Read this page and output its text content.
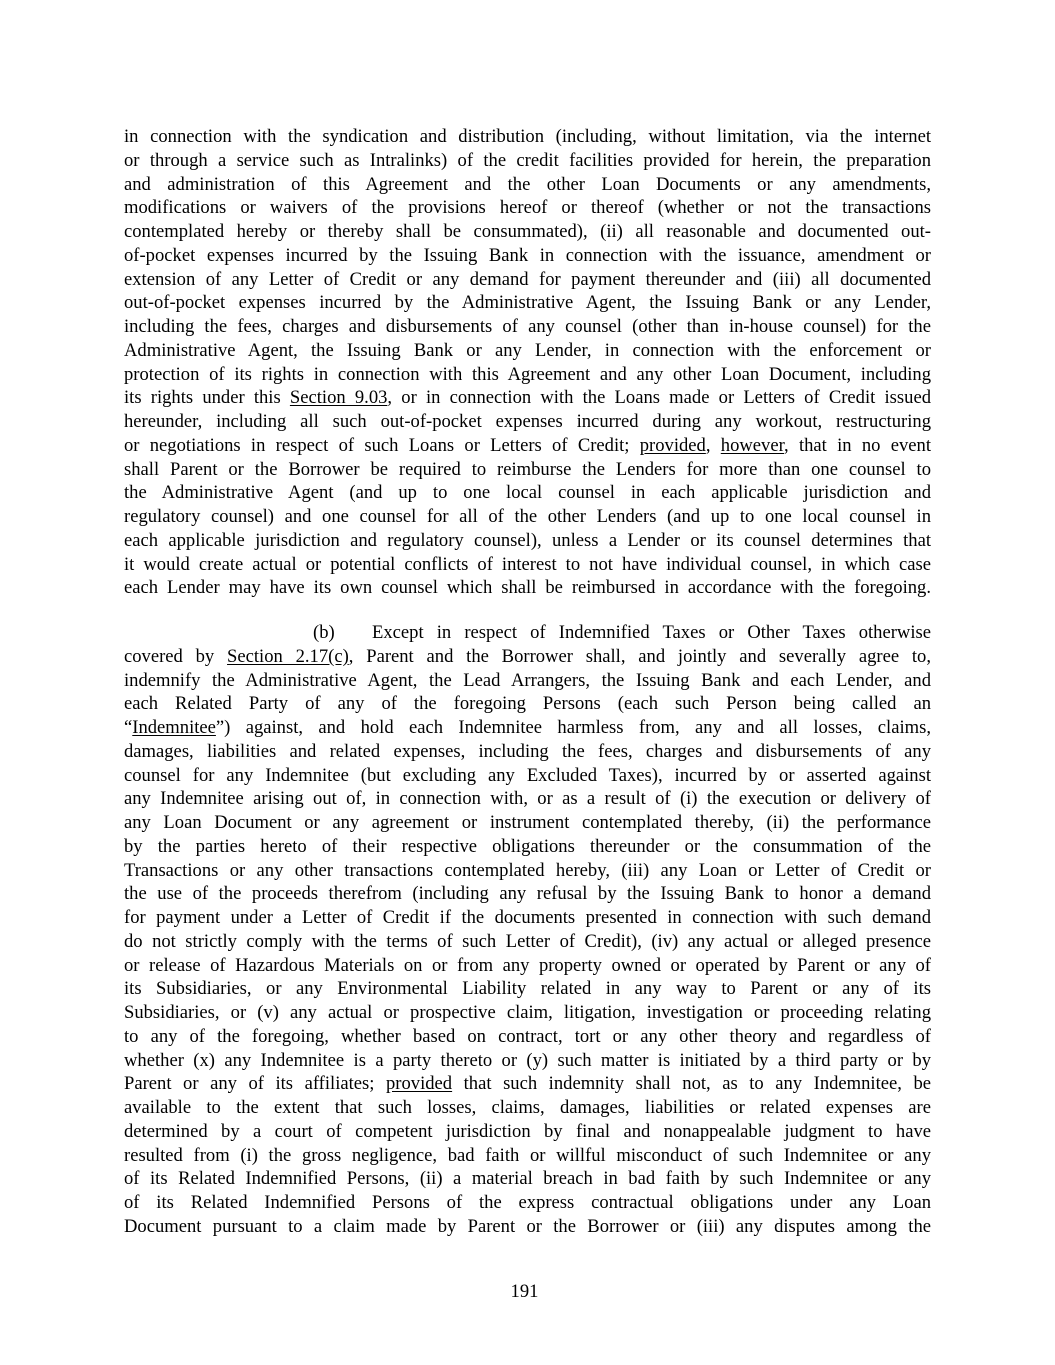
in connection with the syndication and distribution (including, without limitation, via the internet
or through a service such as Intralinks) of the credit facilities provided for herein, the preparation
and administration of this Agreement and the other Loan Documents or any amendments,
modifications or waivers of the provisions hereof or thereof (whether or not the transactions
contemplated hereby or thereby shall be consummated), (ii) all reasonable and documented out-
of-pocket expenses incurred by the Issuing Bank in connection with the issuance, amendment or
extension of any Letter of Credit or any demand for payment thereunder and (iii) all documented
out-of-pocket expenses incurred by the Administrative Agent, the Issuing Bank or any Lender,
including the fees, charges and disbursements of any counsel (other than in-house counsel) for the
Administrative Agent, the Issuing Bank or any Lender, in connection with the enforcement or
protection of its rights in connection with this Agreement and any other Loan Document, including
its rights under this Section 9.03, or in connection with the Loans made or Letters of Credit issued
hereunder, including all such out-of-pocket expenses incurred during any workout, restructuring
or negotiations in respect of such Loans or Letters of Credit; provided, however, that in no event
shall Parent or the Borrower be required to reimburse the Lenders for more than one counsel to
the Administrative Agent (and up to one local counsel in each applicable jurisdiction and
regulatory counsel) and one counsel for all of the other Lenders (and up to one local counsel in
each applicable jurisdiction and regulatory counsel), unless a Lender or its counsel determines that
it would create actual or potential conflicts of interest to not have individual counsel, in which case
each Lender may have its own counsel which shall be reimbursed in accordance with the foregoing.
(b) Except in respect of Indemnified Taxes or Other Taxes otherwise
covered by Section 2.17(c), Parent and the Borrower shall, and jointly and severally agree to,
indemnify the Administrative Agent, the Lead Arrangers, the Issuing Bank and each Lender, and
each Related Party of any of the foregoing Persons (each such Person being called an
“Indemnitee”) against, and hold each Indemnitee harmless from, any and all losses, claims,
damages, liabilities and related expenses, including the fees, charges and disbursements of any
counsel for any Indemnitee (but excluding any Excluded Taxes), incurred by or asserted against
any Indemnitee arising out of, in connection with, or as a result of (i) the execution or delivery of
any Loan Document or any agreement or instrument contemplated thereby, (ii) the performance
by the parties hereto of their respective obligations thereunder or the consummation of the
Transactions or any other transactions contemplated hereby, (iii) any Loan or Letter of Credit or
the use of the proceeds therefrom (including any refusal by the Issuing Bank to honor a demand
for payment under a Letter of Credit if the documents presented in connection with such demand
do not strictly comply with the terms of such Letter of Credit), (iv) any actual or alleged presence
or release of Hazardous Materials on or from any property owned or operated by Parent or any of
its Subsidiaries, or any Environmental Liability related in any way to Parent or any of its
Subsidiaries, or (v) any actual or prospective claim, litigation, investigation or proceeding relating
to any of the foregoing, whether based on contract, tort or any other theory and regardless of
whether (x) any Indemnitee is a party thereto or (y) such matter is initiated by a third party or by
Parent or any of its affiliates; provided that such indemnity shall not, as to any Indemnitee, be
available to the extent that such losses, claims, damages, liabilities or related expenses are
determined by a court of competent jurisdiction by final and nonappealable judgment to have
resulted from (i) the gross negligence, bad faith or willful misconduct of such Indemnitee or any
of its Related Indemnified Persons, (ii) a material breach in bad faith by such Indemnitee or any
of its Related Indemnified Persons of the express contractual obligations under any Loan
Document pursuant to a claim made by Parent or the Borrower or (iii) any disputes among the
191
